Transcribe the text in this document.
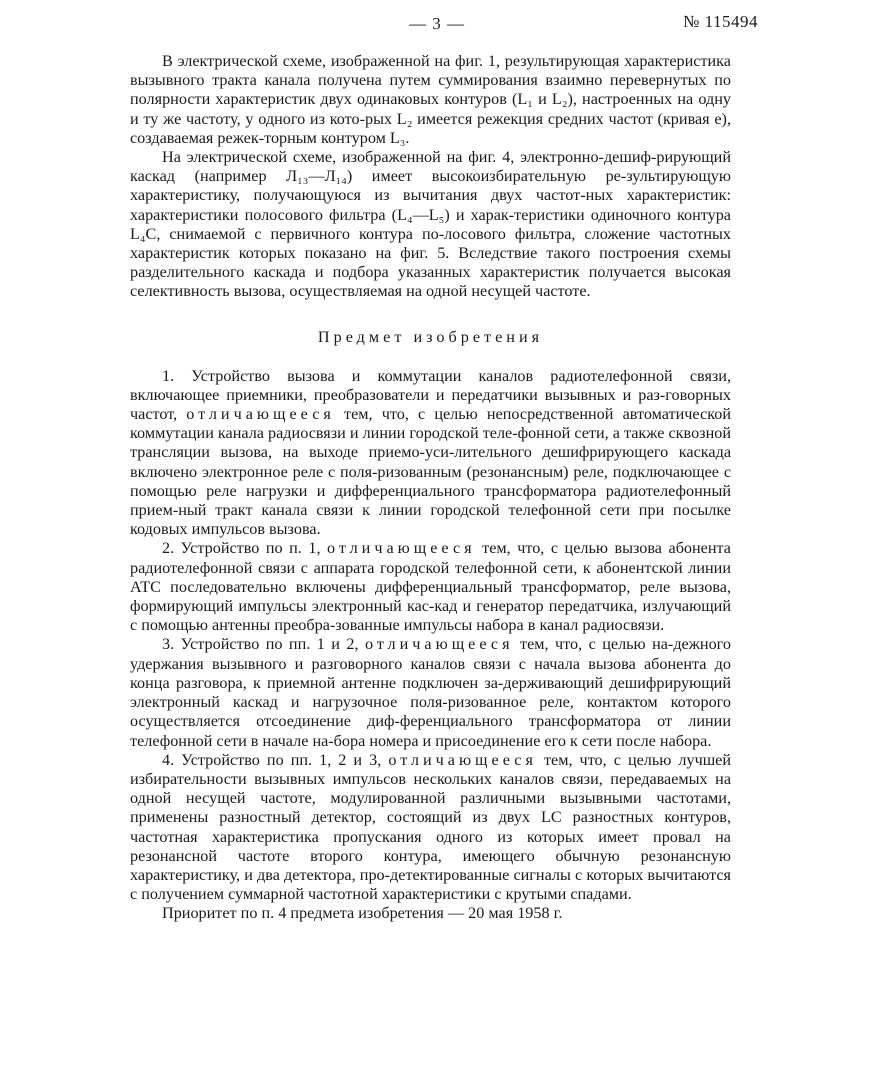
— 3 —	№ 115494

В электрической схеме, изображенной на фиг. 1, результирующая характеристика вызывного тракта канала получена путем суммирования взаимно перевернутых по полярности характеристик двух одинаковых контуров (L₁ и L₂), настроенных на одну и ту же частоту, у одного из кото-рых L₂ имеется режекция средних частот (кривая e), создаваемая режек-торным контуром L₃.

На электрической схеме, изображенной на фиг. 4, электронно-дешиф-рирующий каскад (например Л₁₃—Л₁₄) имеет высокоизбирательную ре-зультирующую характеристику, получающуюся из вычитания двух частот-ных характеристик: характеристики полосового фильтра (L₄—L₅) и харак-теристики одиночного контура L₄C, снимаемой с первичного контура по-лосового фильтра, сложение частотных характеристик которых показано на фиг. 5. Вследствие такого построения схемы разделительного каскада и подбора указанных характеристик получается высокая селективность вызова, осуществляемая на одной несущей частоте.

Предмет изобретения

1. Устройство вызова и коммутации каналов радиотелефонной связи, включающее приемники, преобразователи и передатчики вызывных и раз-говорных частот, отличающееся тем, что, с целью непосредственной автоматической коммутации канала радиосвязи и линии городской теле-фонной сети, а также сквозной трансляции вызова, на выходе приемо-уси-лительного дешифрирующего каскада включено электронное реле с поля-ризованным (резонансным) реле, подключающее с помощью реле нагрузки и дифференциального трансформатора радиотелефонный прием-ный тракт канала связи к линии городской телефонной сети при посылке кодовых импульсов вызова.

2. Устройство по п. 1, отличающееся тем, что, с целью вызова абонента радиотелефонной связи с аппарата городской телефонной сети, к абонентской линии АТС последовательно включены дифференциальный трансформатор, реле вызова, формирующий импульсы электронный кас-кад и генератор передатчика, излучающий с помощью антенны преобра-зованные импульсы набора в канал радиосвязи.

3. Устройство по пп. 1 и 2, отличающееся тем, что, с целью на-дежного удержания вызывного и разговорного каналов связи с начала вызова абонента до конца разговора, к приемной антенне подключен за-держивающий дешифрирующий электронный каскад и нагрузочное поля-ризованное реле, контактом которого осуществляется отсоединение диф-ференциального трансформатора от линии телефонной сети в начале на-бора номера и присоединение его к сети после набора.

4. Устройство по пп. 1, 2 и 3, отличающееся тем, что, с целью лучшей избирательности вызывных импульсов нескольких каналов связи, передаваемых на одной несущей частоте, модулированной различными вызывными частотами, применены разностный детектор, состоящий из двух LC разностных контуров, частотная характеристика пропускания одного из которых имеет провал на резонансной частоте второго контура, имеющего обычную резонансную характеристику, и два детектора, про-детектированные сигналы с которых вычитаются с получением суммарной частотной характеристики с крутыми спадами.

Приоритет по п. 4 предмета изобретения — 20 мая 1958 г.
